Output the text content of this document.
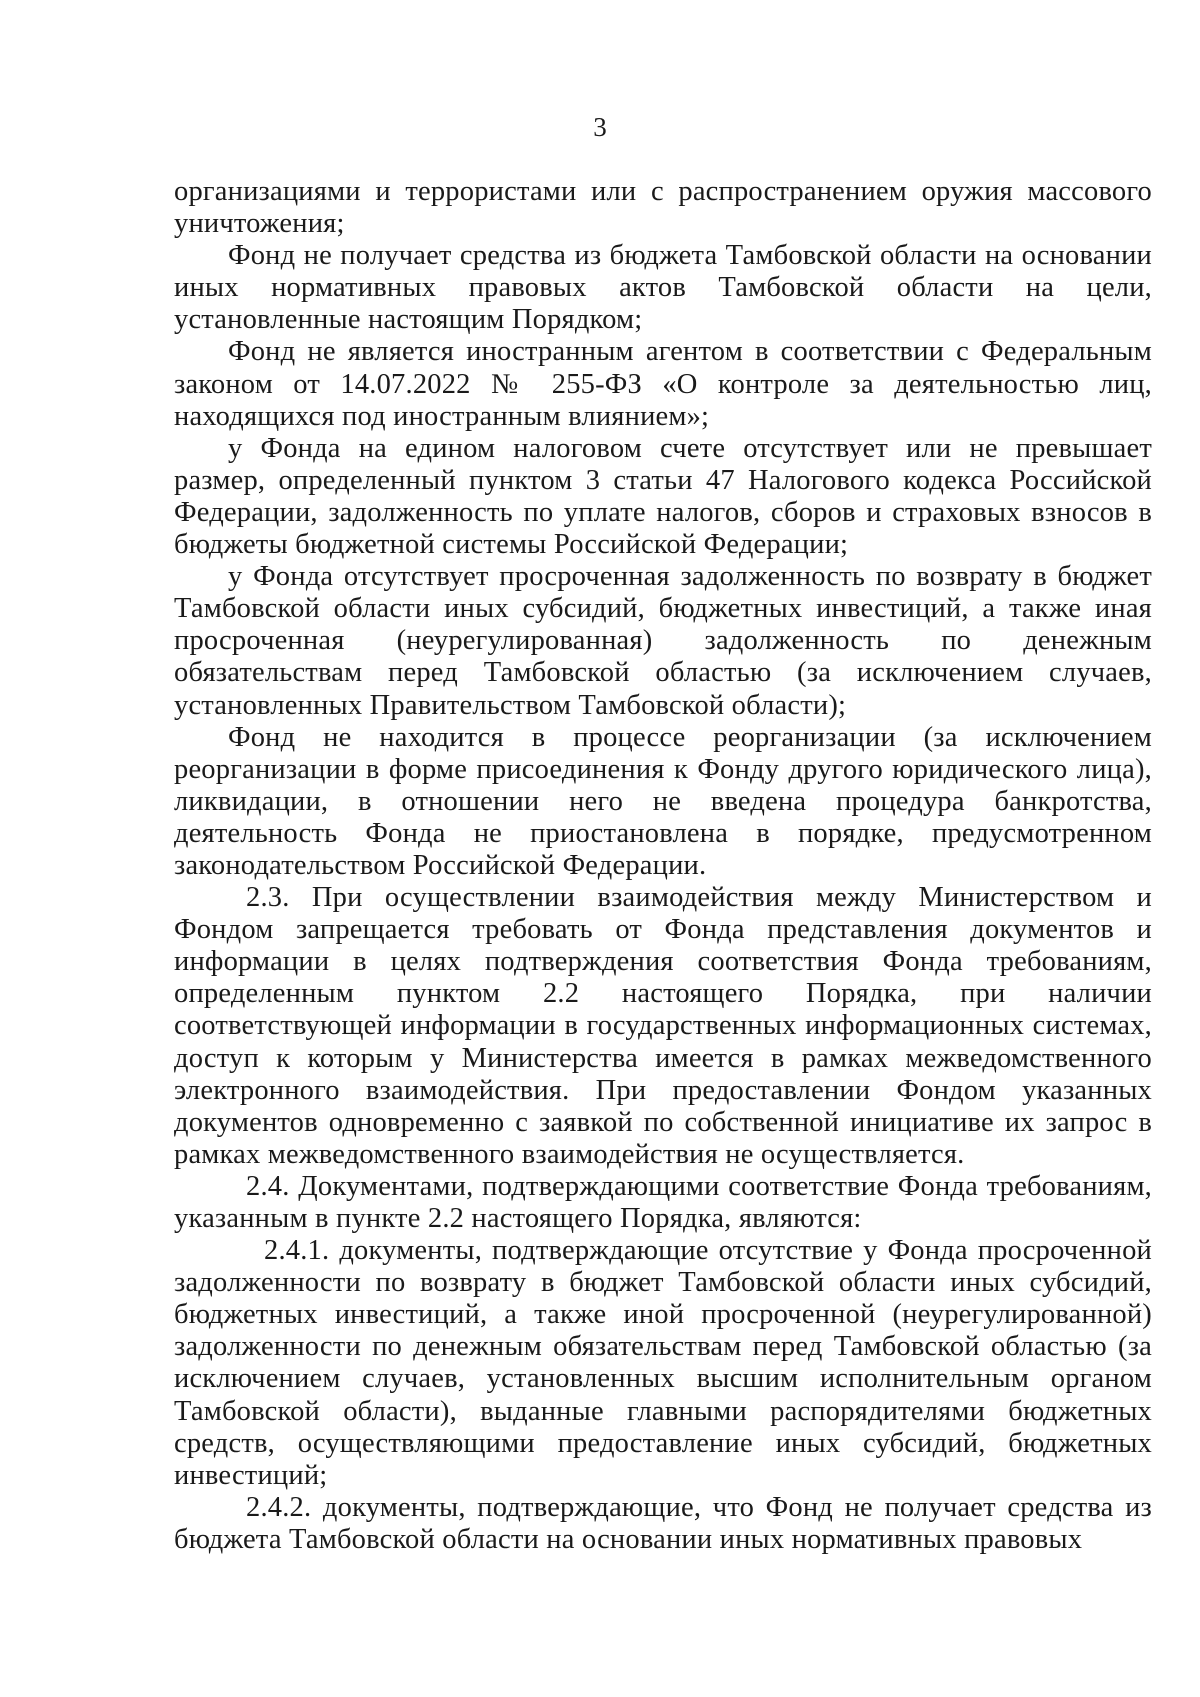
3

организациями и террористами или с распространением оружия массового уничтожения;

Фонд не получает средства из бюджета Тамбовской области на основании иных нормативных правовых актов Тамбовской области на цели, установленные настоящим Порядком;

Фонд не является иностранным агентом в соответствии с Федеральным законом от 14.07.2022 № 255-ФЗ «О контроле за деятельностью лиц, находящихся под иностранным влиянием»;

у Фонда на едином налоговом счете отсутствует или не превышает размер, определенный пунктом 3 статьи 47 Налогового кодекса Российской Федерации, задолженность по уплате налогов, сборов и страховых взносов в бюджеты бюджетной системы Российской Федерации;

у Фонда отсутствует просроченная задолженность по возврату в бюджет Тамбовской области иных субсидий, бюджетных инвестиций, а также иная просроченная (неурегулированная) задолженность по денежным обязательствам перед Тамбовской областью (за исключением случаев, установленных Правительством Тамбовской области);

Фонд не находится в процессе реорганизации (за исключением реорганизации в форме присоединения к Фонду другого юридического лица), ликвидации, в отношении него не введена процедура банкротства, деятельность Фонда не приостановлена в порядке, предусмотренном законодательством Российской Федерации.

2.3. При осуществлении взаимодействия между Министерством и Фондом запрещается требовать от Фонда представления документов и информации в целях подтверждения соответствия Фонда требованиям, определенным пунктом 2.2 настоящего Порядка, при наличии соответствующей информации в государственных информационных системах, доступ к которым у Министерства имеется в рамках межведомственного электронного взаимодействия. При предоставлении Фондом указанных документов одновременно с заявкой по собственной инициативе их запрос в рамках межведомственного взаимодействия не осуществляется.

2.4. Документами, подтверждающими соответствие Фонда требованиям, указанным в пункте 2.2 настоящего Порядка, являются:

2.4.1. документы, подтверждающие отсутствие у Фонда просроченной задолженности по возврату в бюджет Тамбовской области иных субсидий, бюджетных инвестиций, а также иной просроченной (неурегулированной) задолженности по денежным обязательствам перед Тамбовской областью (за исключением случаев, установленных высшим исполнительным органом Тамбовской области), выданные главными распорядителями бюджетных средств, осуществляющими предоставление иных субсидий, бюджетных инвестиций;

2.4.2. документы, подтверждающие, что Фонд не получает средства из бюджета Тамбовской области на основании иных нормативных правовых
